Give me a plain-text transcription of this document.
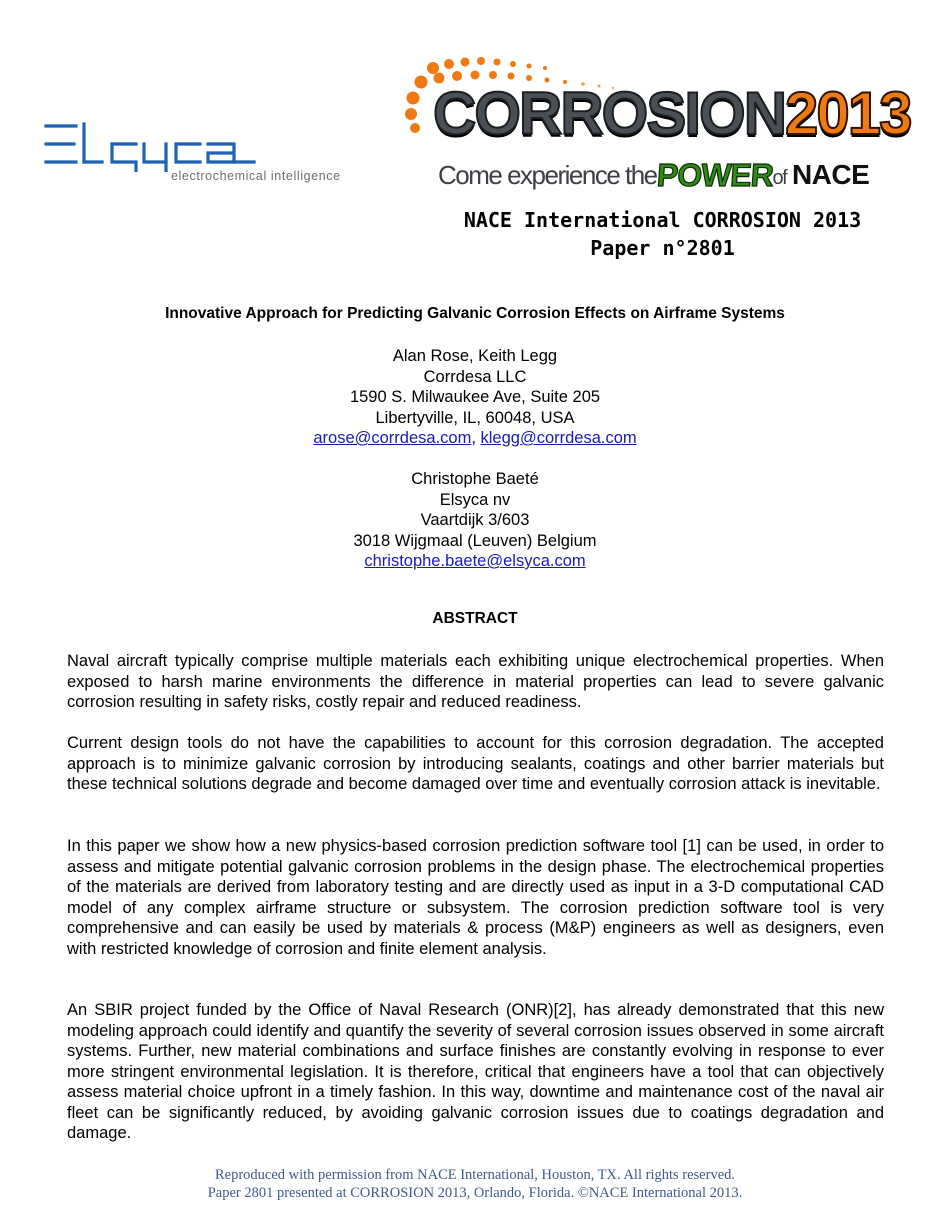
electrochemical intelligence
CORROSION2013
Come experience thePOWERof NACE
NACE International CORROSION 2013
Paper n°2801
Innovative Approach for Predicting Galvanic Corrosion Effects on Airframe Systems
Alan Rose, Keith Legg
Corrdesa LLC
1590 S. Milwaukee Ave, Suite 205
Libertyville, IL, 60048, USA
arose@corrdesa.com, klegg@corrdesa.com
Christophe Baeté
Elsyca nv
Vaartdijk 3/603
3018 Wijgmaal (Leuven) Belgium
christophe.baete@elsyca.com
ABSTRACT
Naval aircraft typically comprise multiple materials each exhibiting unique electrochemical properties. When exposed to harsh marine environments the difference in material properties can lead to severe galvanic corrosion resulting in safety risks, costly repair and reduced readiness.
Current design tools do not have the capabilities to account for this corrosion degradation. The accepted approach is to minimize galvanic corrosion by introducing sealants, coatings and other barrier materials but these technical solutions degrade and become damaged over time and eventually corrosion attack is inevitable.
In this paper we show how a new physics-based corrosion prediction software tool [1] can be used, in order to assess and mitigate potential galvanic corrosion problems in the design phase. The electrochemical properties of the materials are derived from laboratory testing and are directly used as input in a 3-D computational CAD model of any complex airframe structure or subsystem. The corrosion prediction software tool is very comprehensive and can easily be used by materials & process (M&P) engineers as well as designers, even with restricted knowledge of corrosion and finite element analysis.
An SBIR project funded by the Office of Naval Research (ONR)[2], has already demonstrated that this new modeling approach could identify and quantify the severity of several corrosion issues observed in some aircraft systems. Further, new material combinations and surface finishes are constantly evolving in response to ever more stringent environmental legislation. It is therefore, critical that engineers have a tool that can objectively assess material choice upfront in a timely fashion. In this way, downtime and maintenance cost of the naval air fleet can be significantly reduced, by avoiding galvanic corrosion issues due to coatings degradation and damage.
Reproduced with permission from NACE International, Houston, TX. All rights reserved.
Paper 2801 presented at CORROSION 2013, Orlando, Florida. ©NACE International 2013.
